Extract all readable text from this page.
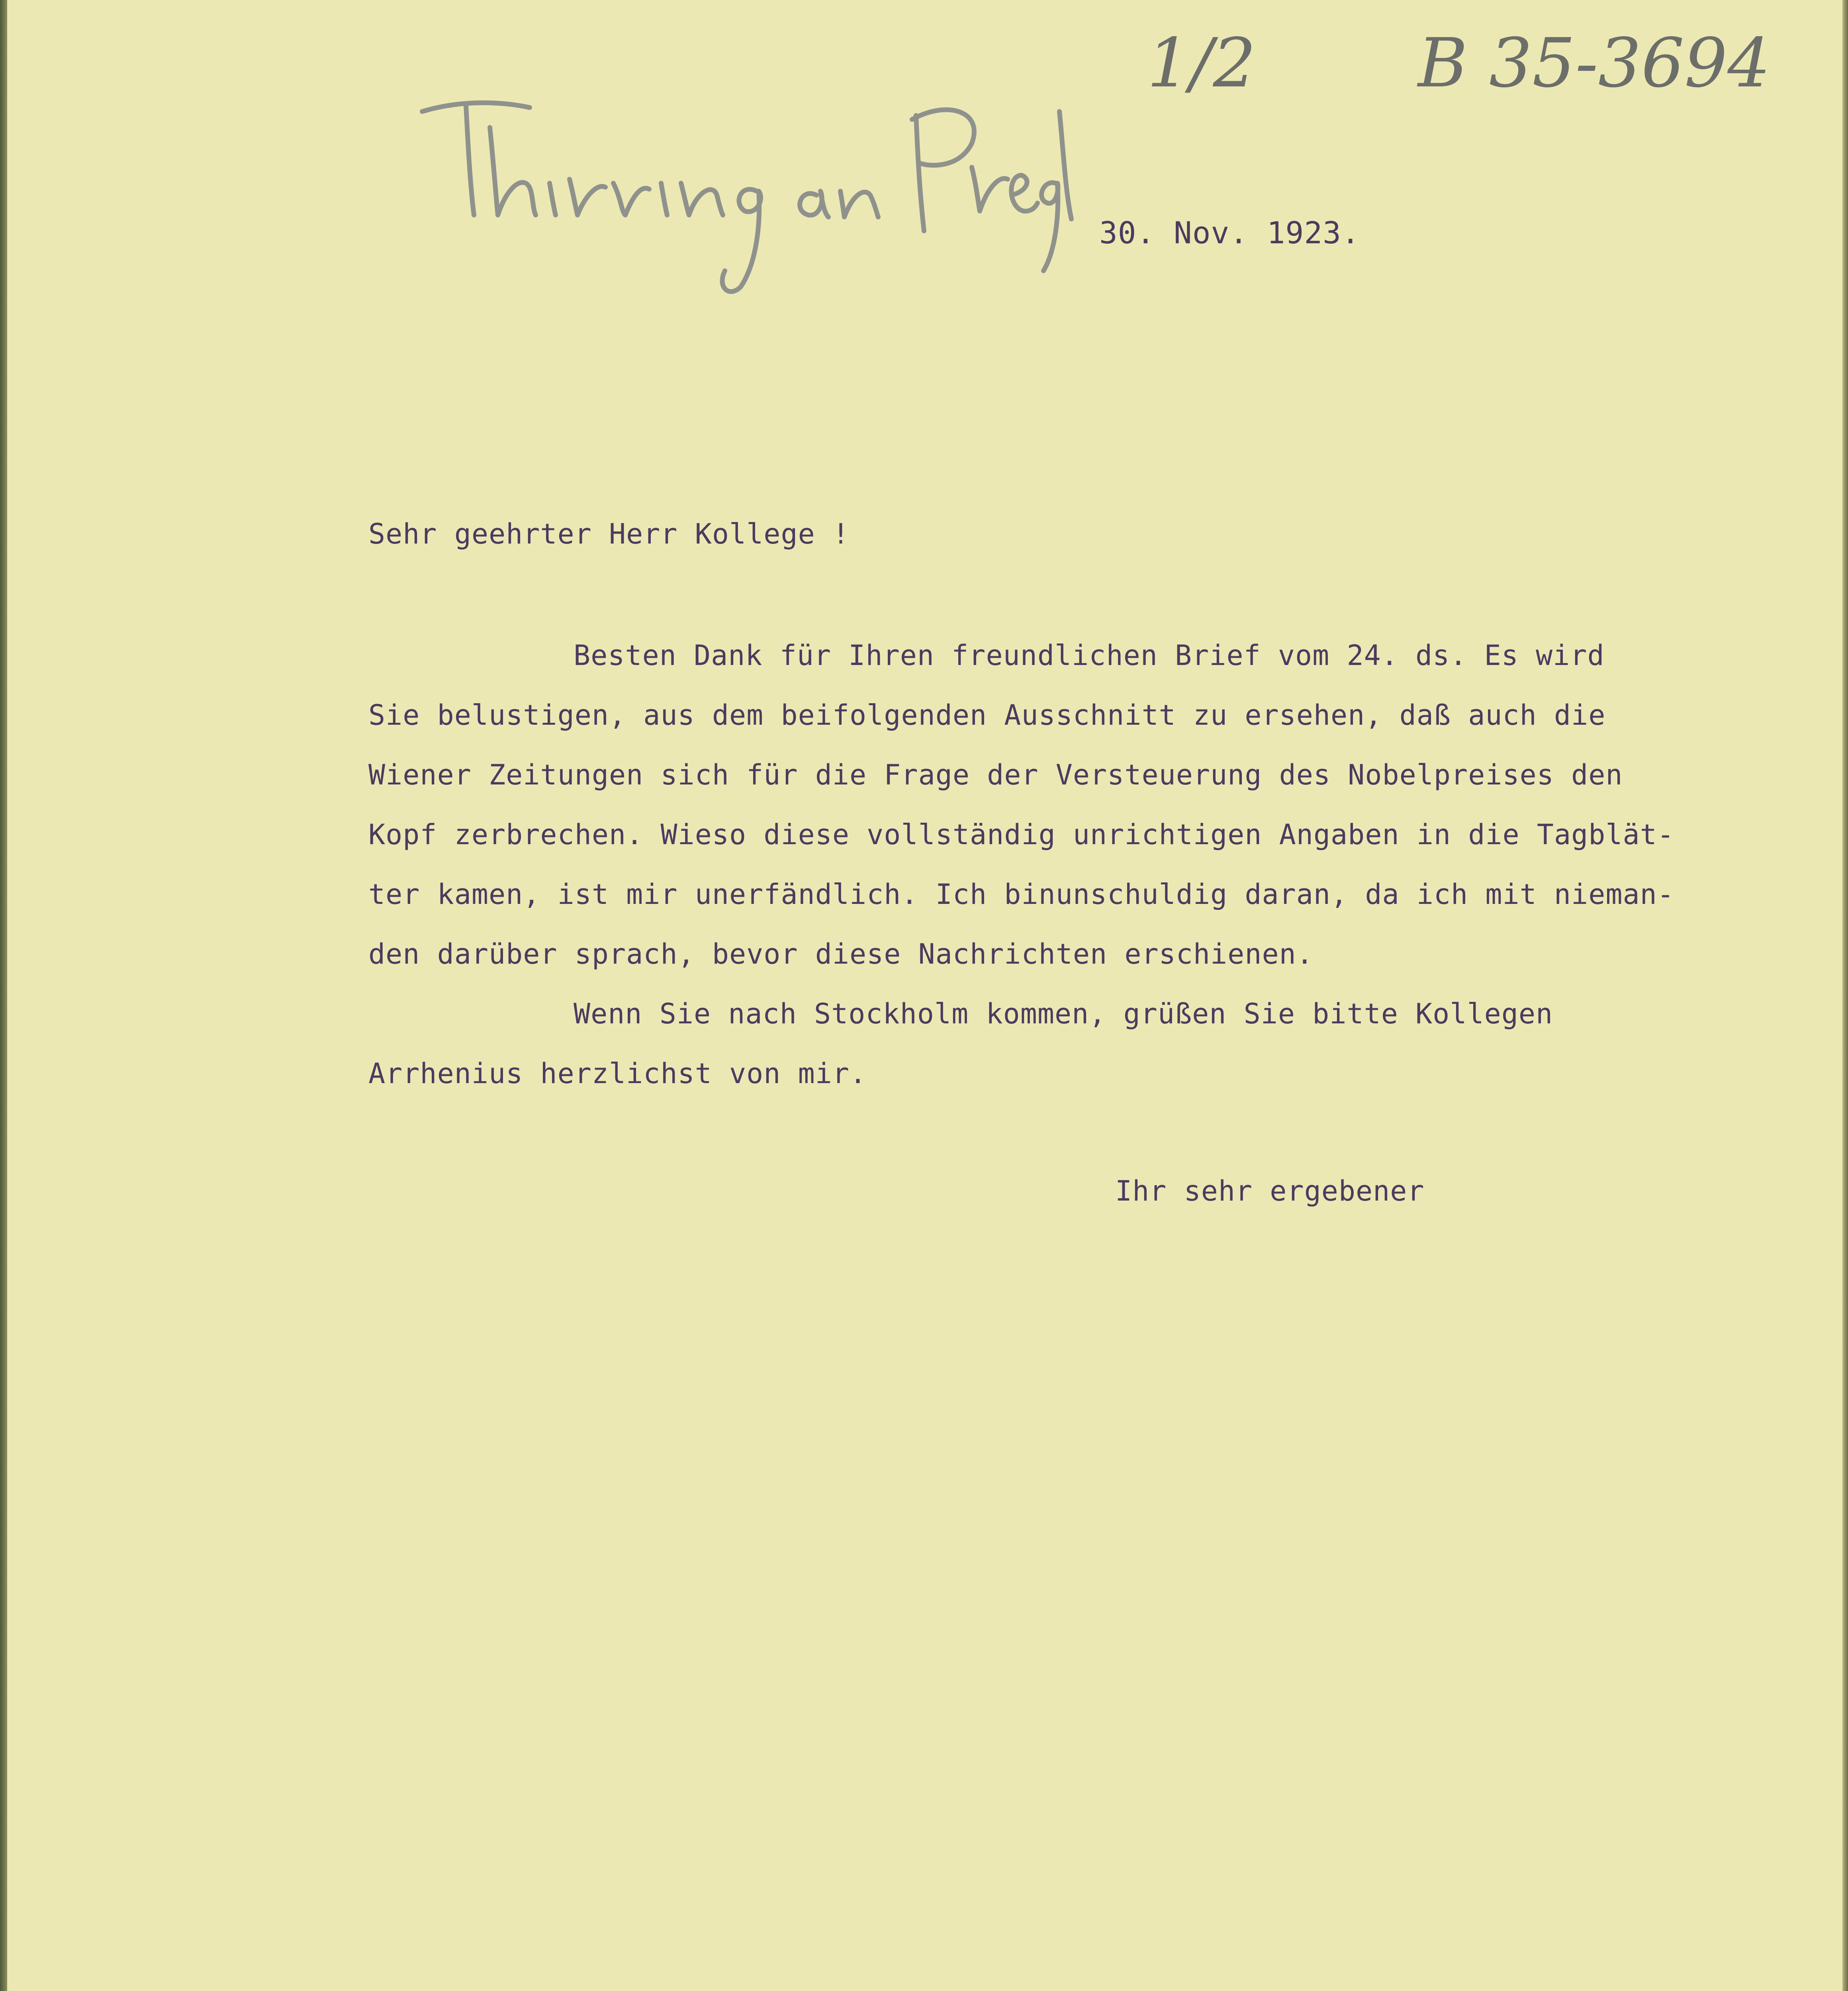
1/2 B 35-3694

30. Nov. 1923.

Sehr geehrter Herr Kollege !

Besten Dank für Ihren freundlichen Brief vom 24. ds. Es wird

Sie belustigen, aus dem beifolgenden Ausschnitt zu ersehen, daß auch die

Wiener Zeitungen sich für die Frage der Versteuerung des Nobelpreises den

Kopf zerbrechen. Wieso diese vollständig unrichtigen Angaben in die Tagblät-

ter kamen, ist mir unerfändlich. Ich binunschuldig daran, da ich mit nieman-

den darüber sprach, bevor diese Nachrichten erschienen.

Wenn Sie nach Stockholm kommen, grüßen Sie bitte Kollegen

Arrhenius herzlichst von mir.

Ihr sehr ergebener
